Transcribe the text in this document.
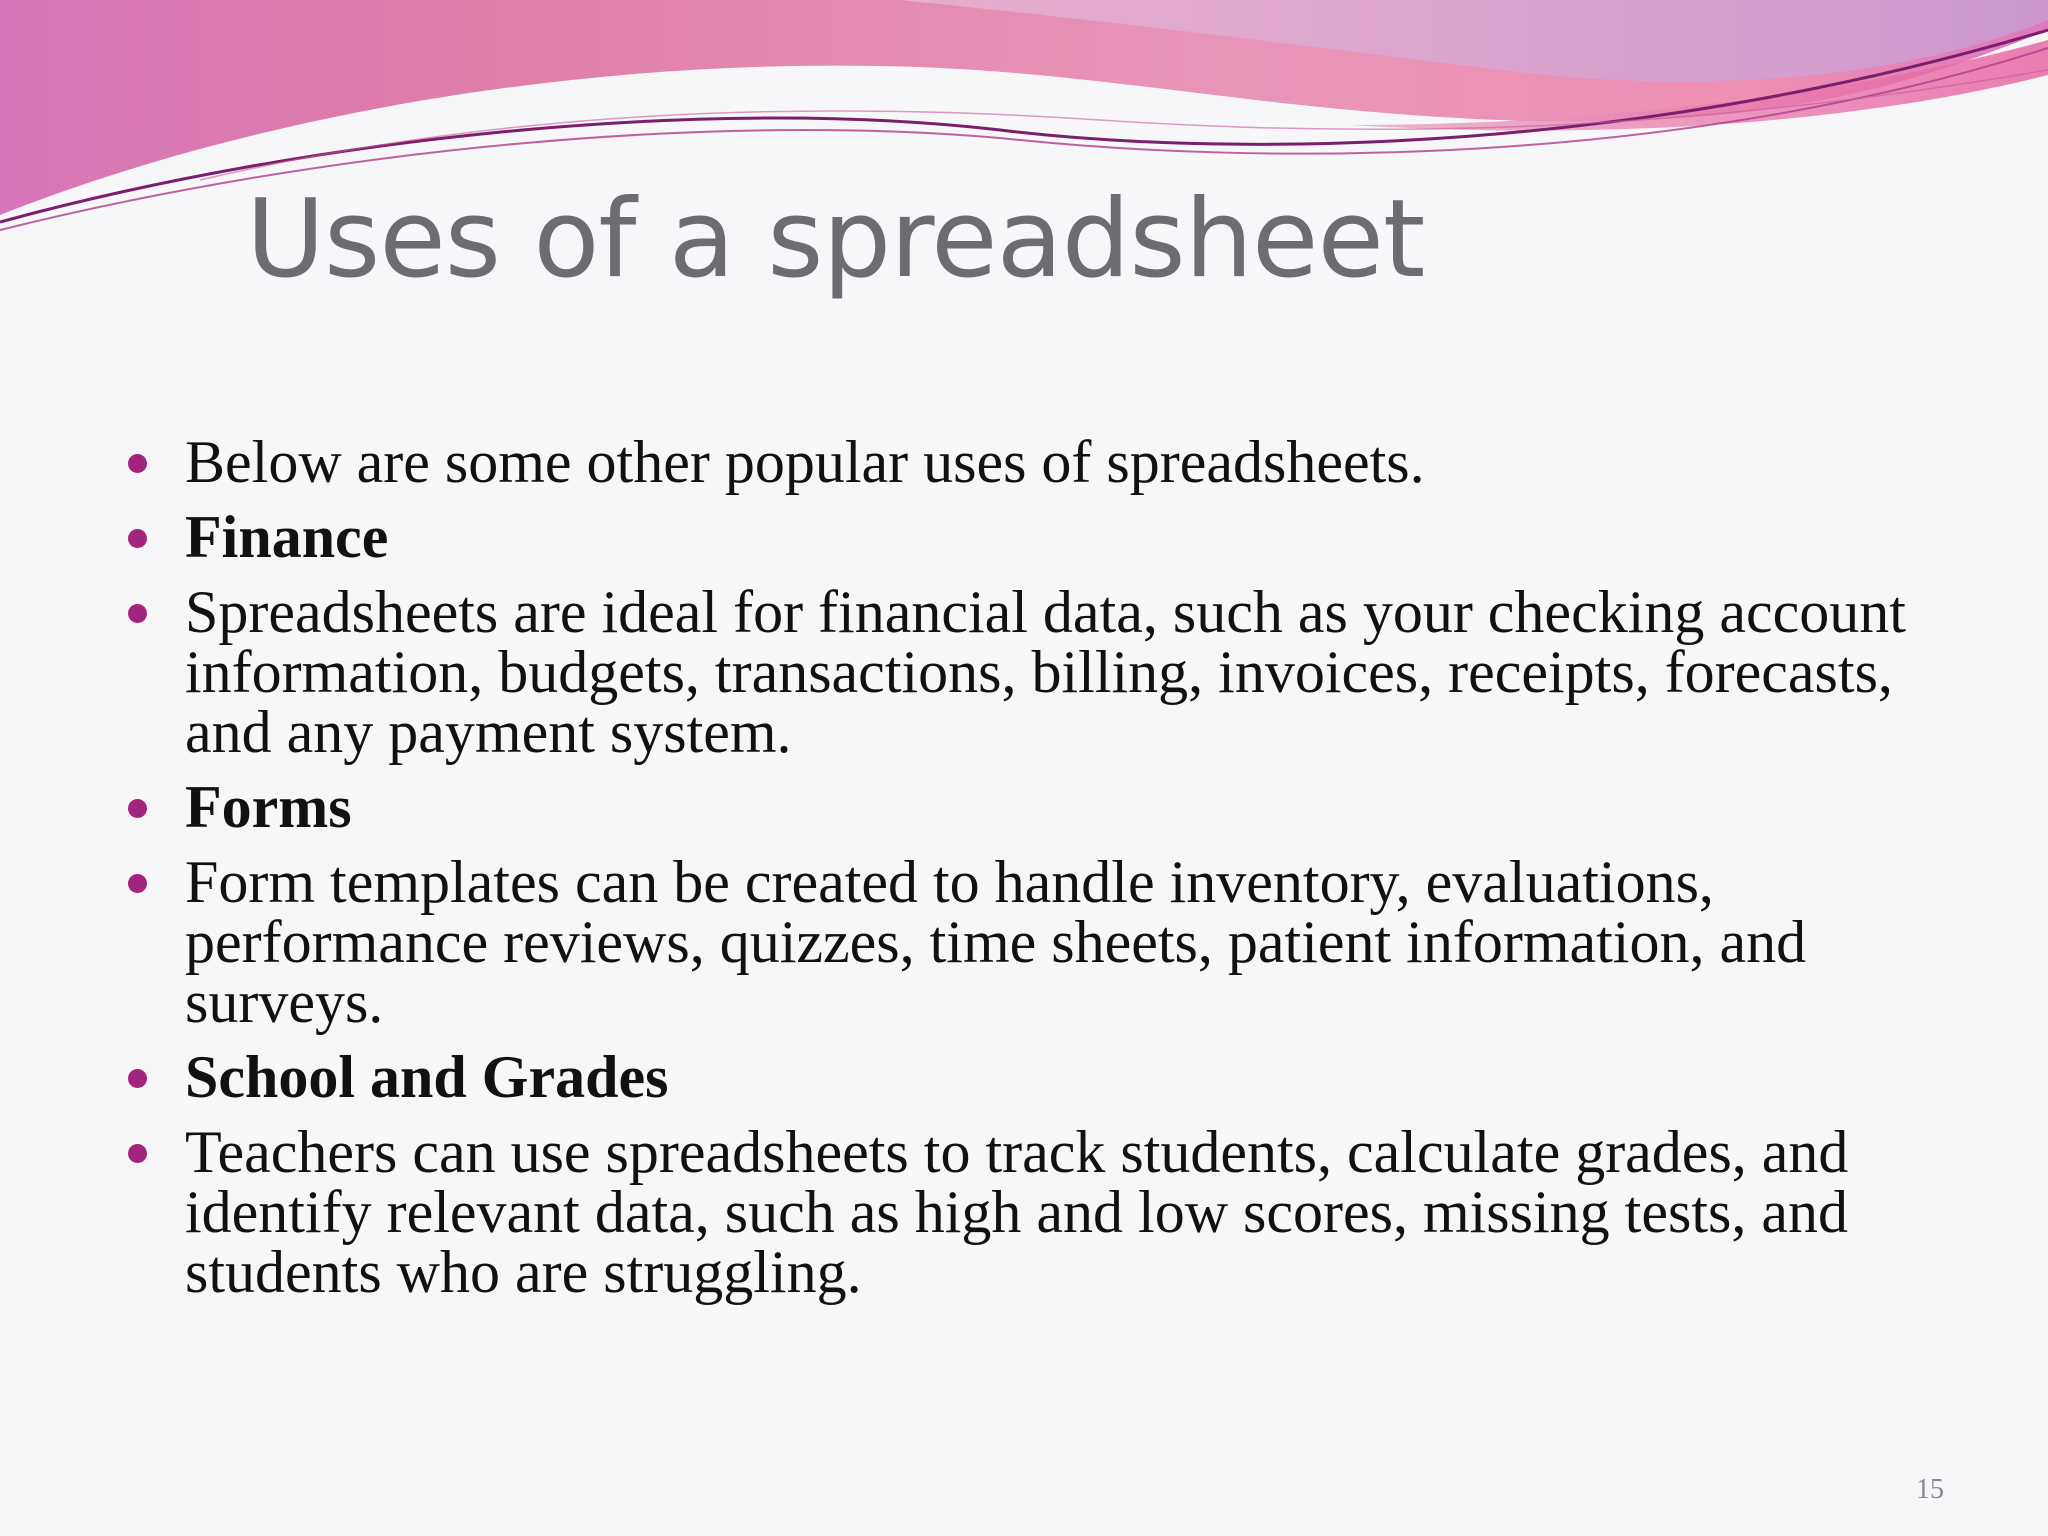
Uses of a spreadsheet
Below are some other popular uses of spreadsheets.
Finance
Spreadsheets are ideal for financial data, such as your checking account information, budgets, transactions, billing, invoices, receipts, forecasts, and any payment system.
Forms
Form templates can be created to handle inventory, evaluations, performance reviews, quizzes, time sheets, patient information, and surveys.
School and Grades
Teachers can use spreadsheets to track students, calculate grades, and identify relevant data, such as high and low scores, missing tests, and students who are struggling.
15
